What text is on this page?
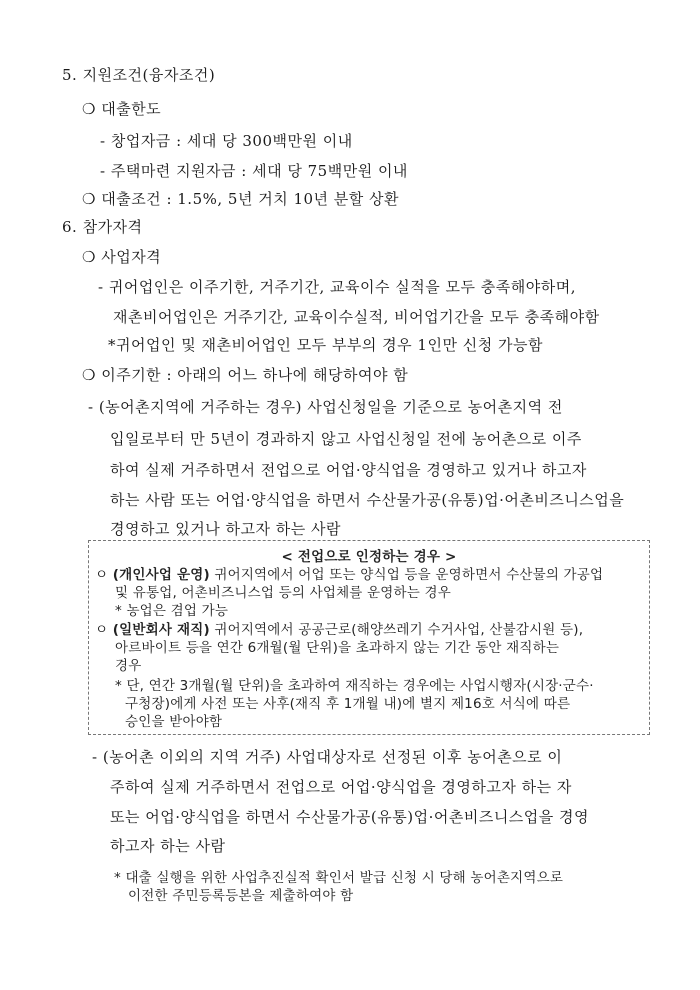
5. 지원조건(융자조건)
❍ 대출한도
- 창업자금 : 세대 당 300백만원 이내
- 주택마련 지원자금 : 세대 당 75백만원 이내
❍ 대출조건 : 1.5%, 5년 거치 10년 분할 상환
6. 참가자격
❍ 사업자격
- 귀어업인은 이주기한, 거주기간, 교육이수 실적을 모두 충족해야하며,
재촌비어업인은 거주기간, 교육이수실적, 비어업기간을 모두 충족해야함
*귀어업인 및 재촌비어업인 모두 부부의 경우 1인만 신청 가능함
❍ 이주기한 : 아래의 어느 하나에 해당하여야 함
- (농어촌지역에 거주하는 경우) 사업신청일을 기준으로 농어촌지역 전
입일로부터 만 5년이 경과하지 않고 사업신청일 전에 농어촌으로 이주
하여 실제 거주하면서 전업으로 어업·양식업을 경영하고 있거나 하고자
하는 사람 또는 어업·양식업을 하면서 수산물가공(유통)업·어촌비즈니스업을
경영하고 있거나 하고자 하는 사람
< 전업으로 인정하는 경우 >
ㅇ (개인사업 운영) 귀어지역에서 어업 또는 양식업 등을 운영하면서 수산물의 가공업
및 유통업, 어촌비즈니스업 등의 사업체를 운영하는 경우
* 농업은 겸업 가능
ㅇ (일반회사 재직) 귀어지역에서 공공근로(해양쓰레기 수거사업, 산불감시원 등),
아르바이트 등을 연간 6개월(월 단위)을 초과하지 않는 기간 동안 재직하는
경우
* 단, 연간 3개월(월 단위)을 초과하여 재직하는 경우에는 사업시행자(시장·군수·
구청장)에게 사전 또는 사후(재직 후 1개월 내)에 별지 제16호 서식에 따른
승인을 받아야함
- (농어촌 이외의 지역 거주) 사업대상자로 선정된 이후 농어촌으로 이
주하여 실제 거주하면서 전업으로 어업·양식업을 경영하고자 하는 자
또는 어업·양식업을 하면서 수산물가공(유통)업·어촌비즈니스업을 경영
하고자 하는 사람
* 대출 실행을 위한 사업추진실적 확인서 발급 신청 시 당해 농어촌지역으로
이전한 주민등록등본을 제출하여야 함
